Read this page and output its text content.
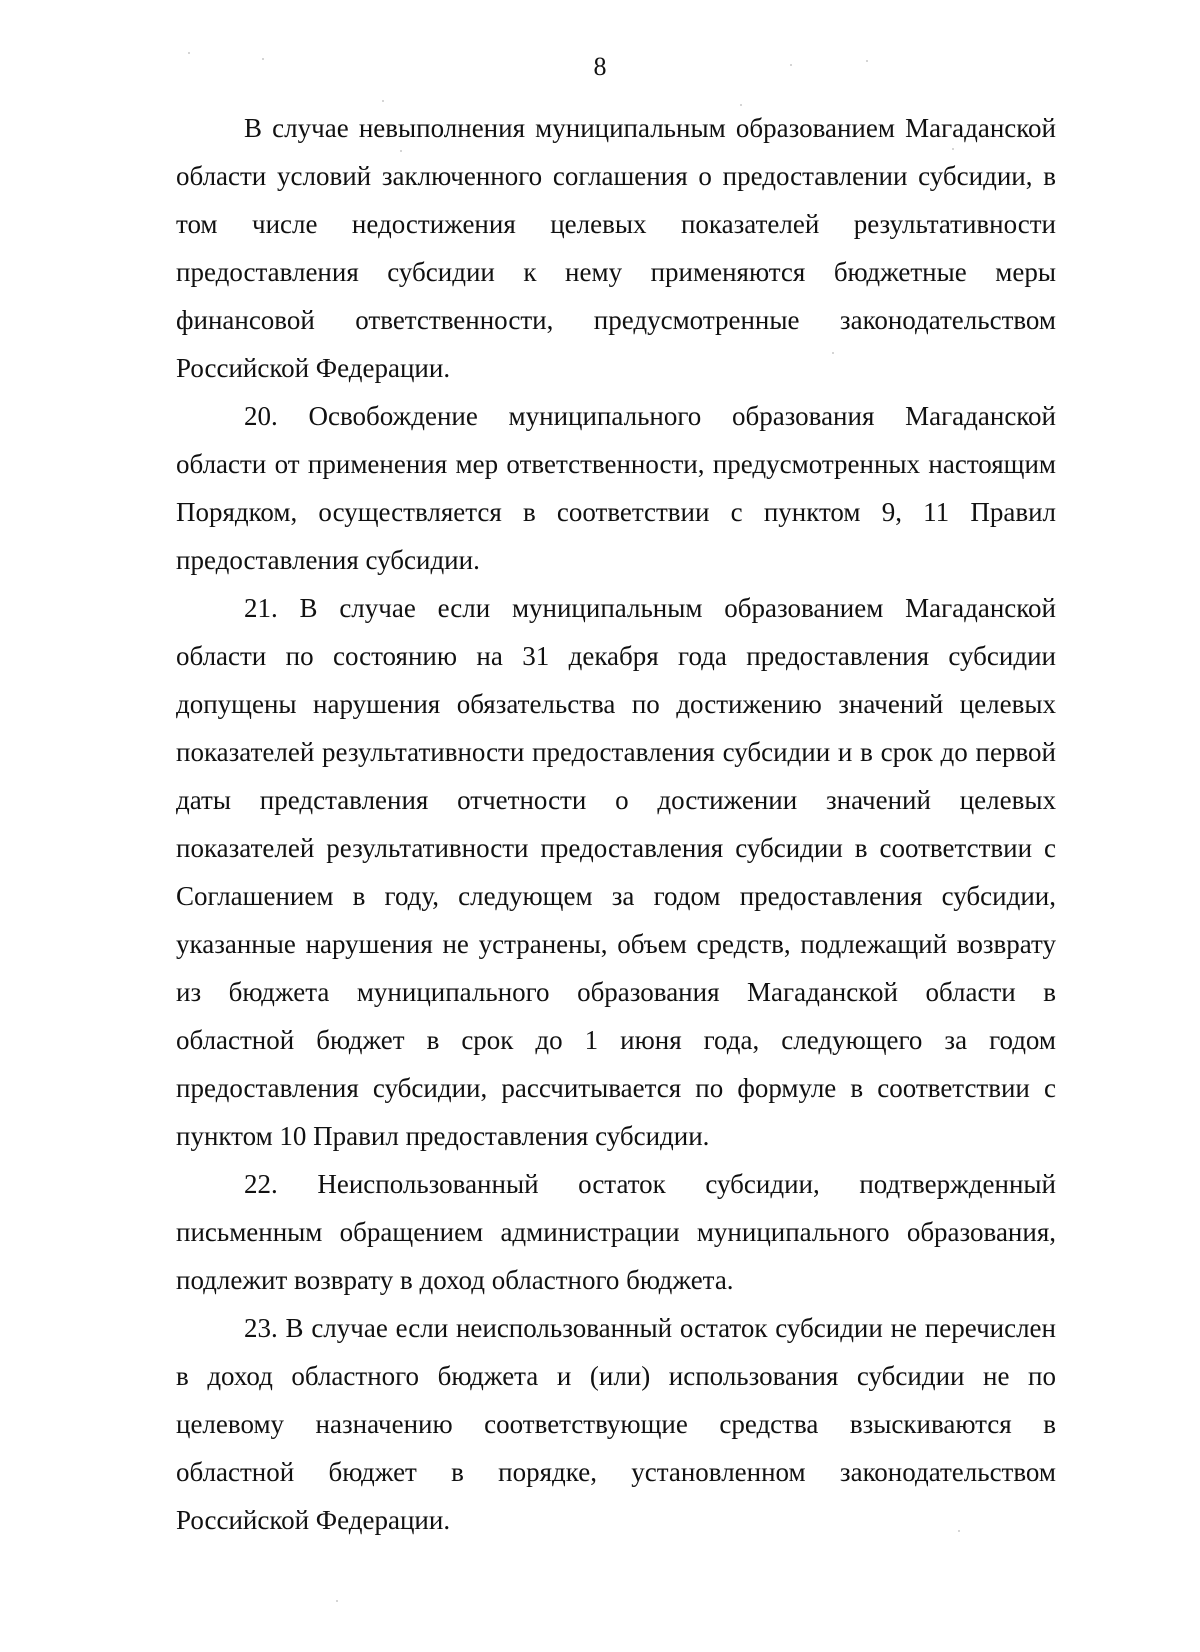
8

В случае невыполнения муниципальным образованием Магаданской области условий заключенного соглашения о предоставлении субсидии, в том числе недостижения целевых показателей результативности предоставления субсидии к нему применяются бюджетные меры финансовой ответственности, предусмотренные законодательством Российской Федерации.

20. Освобождение муниципального образования Магаданской области от применения мер ответственности, предусмотренных настоящим Порядком, осуществляется в соответствии с пунктом 9, 11 Правил предоставления субсидии.

21. В случае если муниципальным образованием Магаданской области по состоянию на 31 декабря года предоставления субсидии допущены нарушения обязательства по достижению значений целевых показателей результативности предоставления субсидии и в срок до первой даты представления отчетности о достижении значений целевых показателей результативности предоставления субсидии в соответствии с Соглашением в году, следующем за годом предоставления субсидии, указанные нарушения не устранены, объем средств, подлежащий возврату из бюджета муниципального образования Магаданской области в областной бюджет в срок до 1 июня года, следующего за годом предоставления субсидии, рассчитывается по формуле в соответствии с пунктом 10 Правил предоставления субсидии.

22. Неиспользованный остаток субсидии, подтвержденный письменным обращением администрации муниципального образования, подлежит возврату в доход областного бюджета.

23. В случае если неиспользованный остаток субсидии не перечислен в доход областного бюджета и (или) использования субсидии не по целевому назначению соответствующие средства взыскиваются в областной бюджет в порядке, установленном законодательством Российской Федерации.
